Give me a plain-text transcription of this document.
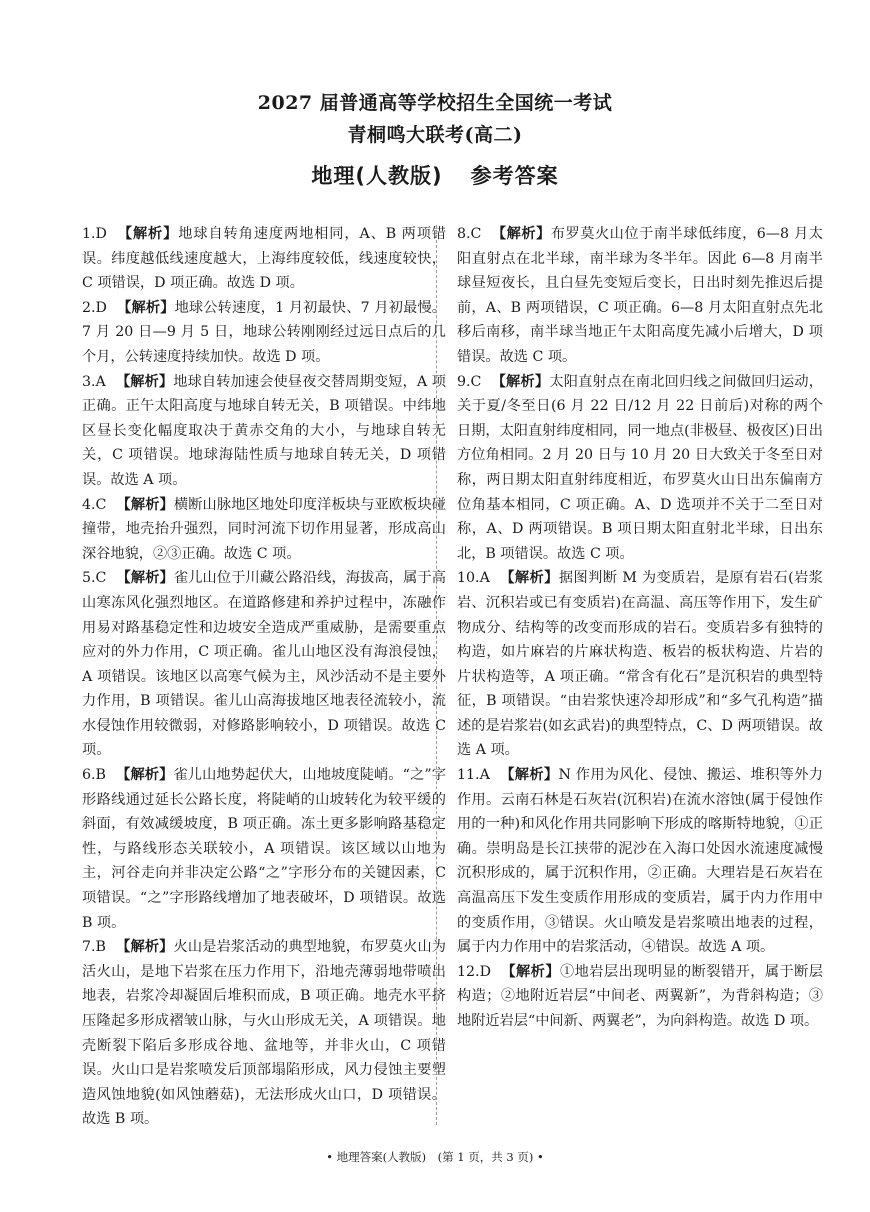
2027 届普通高等学校招生全国统一考试
青桐鸣大联考(高二)
地理(人教版) 参考答案
1.D 【解析】地球自转角速度两地相同，A、B 两项错误。纬度越低线速度越大，上海纬度较低，线速度较快，C 项错误，D 项正确。故选 D 项。
2.D 【解析】地球公转速度，1 月初最快、7 月初最慢。7 月 20 日—9 月 5 日，地球公转刚刚经过远日点后的几个月，公转速度持续加快。故选 D 项。
3.A 【解析】地球自转加速会使昼夜交替周期变短，A 项正确。正午太阳高度与地球自转无关，B 项错误。中纬地区昼长变化幅度取决于黄赤交角的大小，与地球自转无关，C 项错误。地球海陆性质与地球自转无关，D 项错误。故选 A 项。
4.C 【解析】横断山脉地区地处印度洋板块与亚欧板块碰撞带，地壳抬升强烈，同时河流下切作用显著，形成高山深谷地貌，②③正确。故选 C 项。
5.C 【解析】雀儿山位于川藏公路沿线，海拔高，属于高山寒冻风化强烈地区。在道路修建和养护过程中，冻融作用易对路基稳定性和边坡安全造成严重威胁，是需要重点应对的外力作用，C 项正确。雀儿山地区没有海浪侵蚀，A 项错误。该地区以高寒气候为主，风沙活动不是主要外力作用，B 项错误。雀儿山高海拔地区地表径流较小，流水侵蚀作用较微弱，对修路影响较小，D 项错误。故选 C 项。
6.B 【解析】雀儿山地势起伏大，山地坡度陡峭。“之”字形路线通过延长公路长度，将陡峭的山坡转化为较平缓的斜面，有效减缓坡度，B 项正确。冻土更多影响路基稳定性，与路线形态关联较小，A 项错误。该区域以山地为主，河谷走向并非决定公路“之”字形分布的关键因素，C 项错误。“之”字形路线增加了地表破坏，D 项错误。故选 B 项。
7.B 【解析】火山是岩浆活动的典型地貌，布罗莫火山为活火山，是地下岩浆在压力作用下，沿地壳薄弱地带喷出地表，岩浆冷却凝固后堆积而成，B 项正确。地壳水平挤压隆起多形成褶皱山脉，与火山形成无关，A 项错误。地壳断裂下陷后多形成谷地、盆地等，并非火山，C 项错误。火山口是岩浆喷发后顶部塌陷形成，风力侵蚀主要塑造风蚀地貌(如风蚀蘑菇)，无法形成火山口，D 项错误。故选 B 项。
8.C 【解析】布罗莫火山位于南半球低纬度，6—8 月太阳直射点在北半球，南半球为冬半年。因此 6—8 月南半球昼短夜长，且白昼先变短后变长，日出时刻先推迟后提前，A、B 两项错误，C 项正确。6—8 月太阳直射点先北移后南移，南半球当地正午太阳高度先减小后增大，D 项错误。故选 C 项。
9.C 【解析】太阳直射点在南北回归线之间做回归运动，关于夏/冬至日(6 月 22 日/12 月 22 日前后)对称的两个日期，太阳直射纬度相同，同一地点(非极昼、极夜区)日出方位角相同。2 月 20 日与 10 月 20 日大致关于冬至日对称，两日期太阳直射纬度相近，布罗莫火山日出东偏南方位角基本相同，C 项正确。A、D 选项并不关于二至日对称，A、D 两项错误。B 项日期太阳直射北半球，日出东北，B 项错误。故选 C 项。
10.A 【解析】据图判断 M 为变质岩，是原有岩石(岩浆岩、沉积岩或已有变质岩)在高温、高压等作用下，发生矿物成分、结构等的改变而形成的岩石。变质岩多有独特的构造，如片麻岩的片麻状构造、板岩的板状构造、片岩的片状构造等，A 项正确。“常含有化石”是沉积岩的典型特征，B 项错误。“由岩浆快速冷却形成”和“多气孔构造”描述的是岩浆岩(如玄武岩)的典型特点，C、D 两项错误。故选 A 项。
11.A 【解析】N 作用为风化、侵蚀、搬运、堆积等外力作用。云南石林是石灰岩(沉积岩)在流水溶蚀(属于侵蚀作用的一种)和风化作用共同影响下形成的喀斯特地貌，①正确。崇明岛是长江挟带的泥沙在入海口处因水流速度减慢沉积形成的，属于沉积作用，②正确。大理岩是石灰岩在高温高压下发生变质作用形成的变质岩，属于内力作用中的变质作用，③错误。火山喷发是岩浆喷出地表的过程，属于内力作用中的岩浆活动，④错误。故选 A 项。
12.D 【解析】①地岩层出现明显的断裂错开，属于断层构造；②地附近岩层“中间老、两翼新”，为背斜构造；③地附近岩层“中间新、两翼老”，为向斜构造。故选 D 项。
• 地理答案(人教版)　(第 1 页，共 3 页) •
